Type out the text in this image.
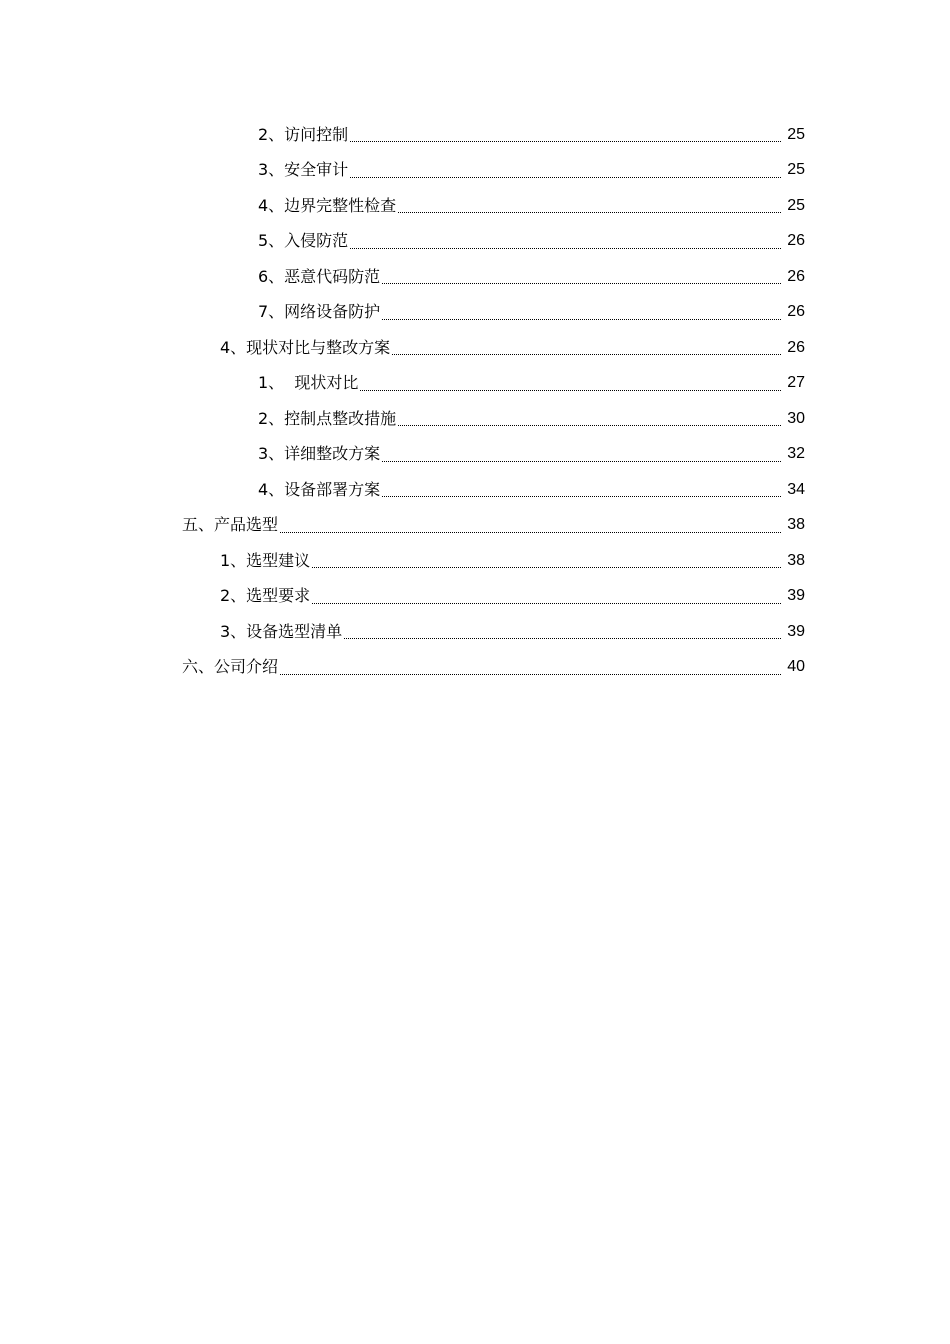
2、访问控制	25
3、安全审计	25
4、边界完整性检查	25
5、入侵防范	26
6、恶意代码防范	26
7、网络设备防护	26
4、现状对比与整改方案	26
1、  现状对比	27
2、控制点整改措施	30
3、详细整改方案	32
4、设备部署方案	34
五、产品选型	38
1、选型建议	38
2、选型要求	39
3、设备选型清单	39
六、公司介绍	40
